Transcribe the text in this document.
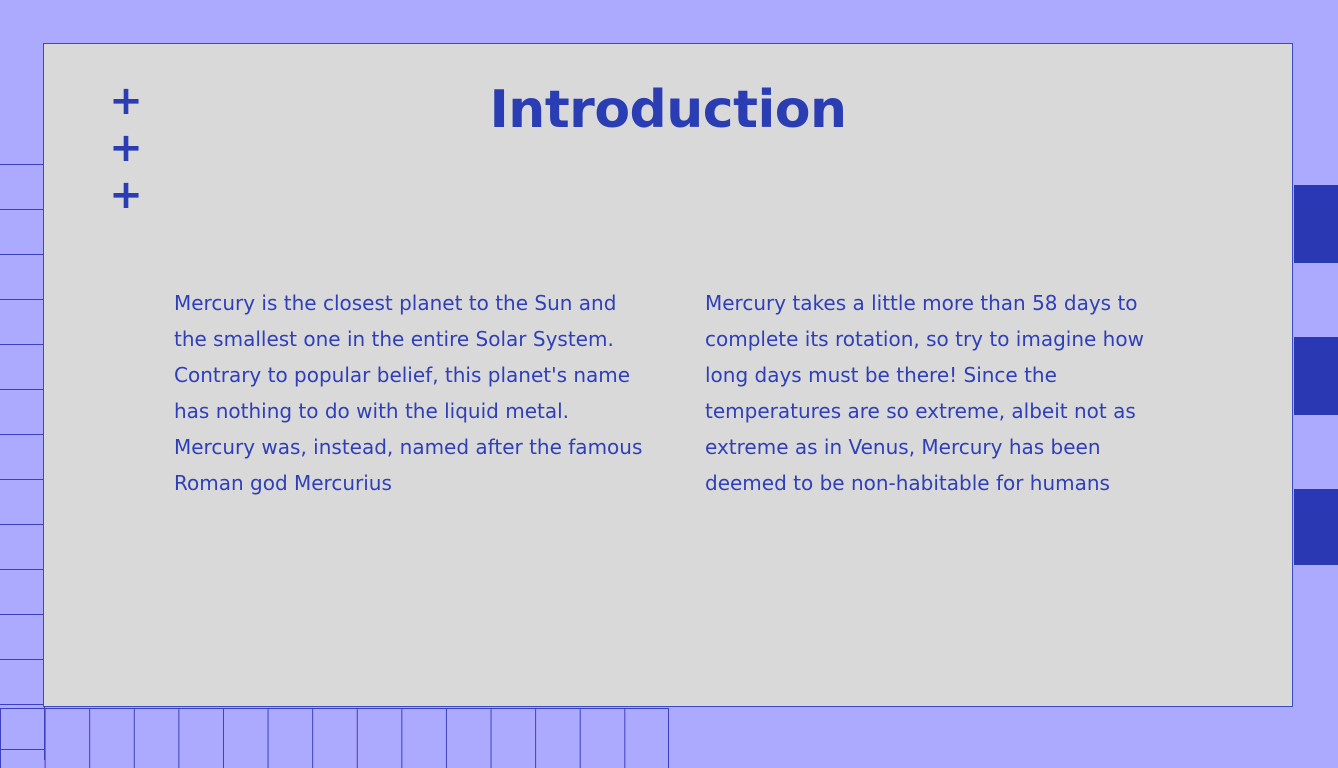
+
+
+
Introduction

Mercury is the closest planet to the Sun and the smallest one in the entire Solar System. Contrary to popular belief, this planet's name has nothing to do with the liquid metal. Mercury was, instead, named after the famous Roman god Mercurius

Mercury takes a little more than 58 days to complete its rotation, so try to imagine how long days must be there! Since the temperatures are so extreme, albeit not as extreme as in Venus, Mercury has been deemed to be non-habitable for humans
